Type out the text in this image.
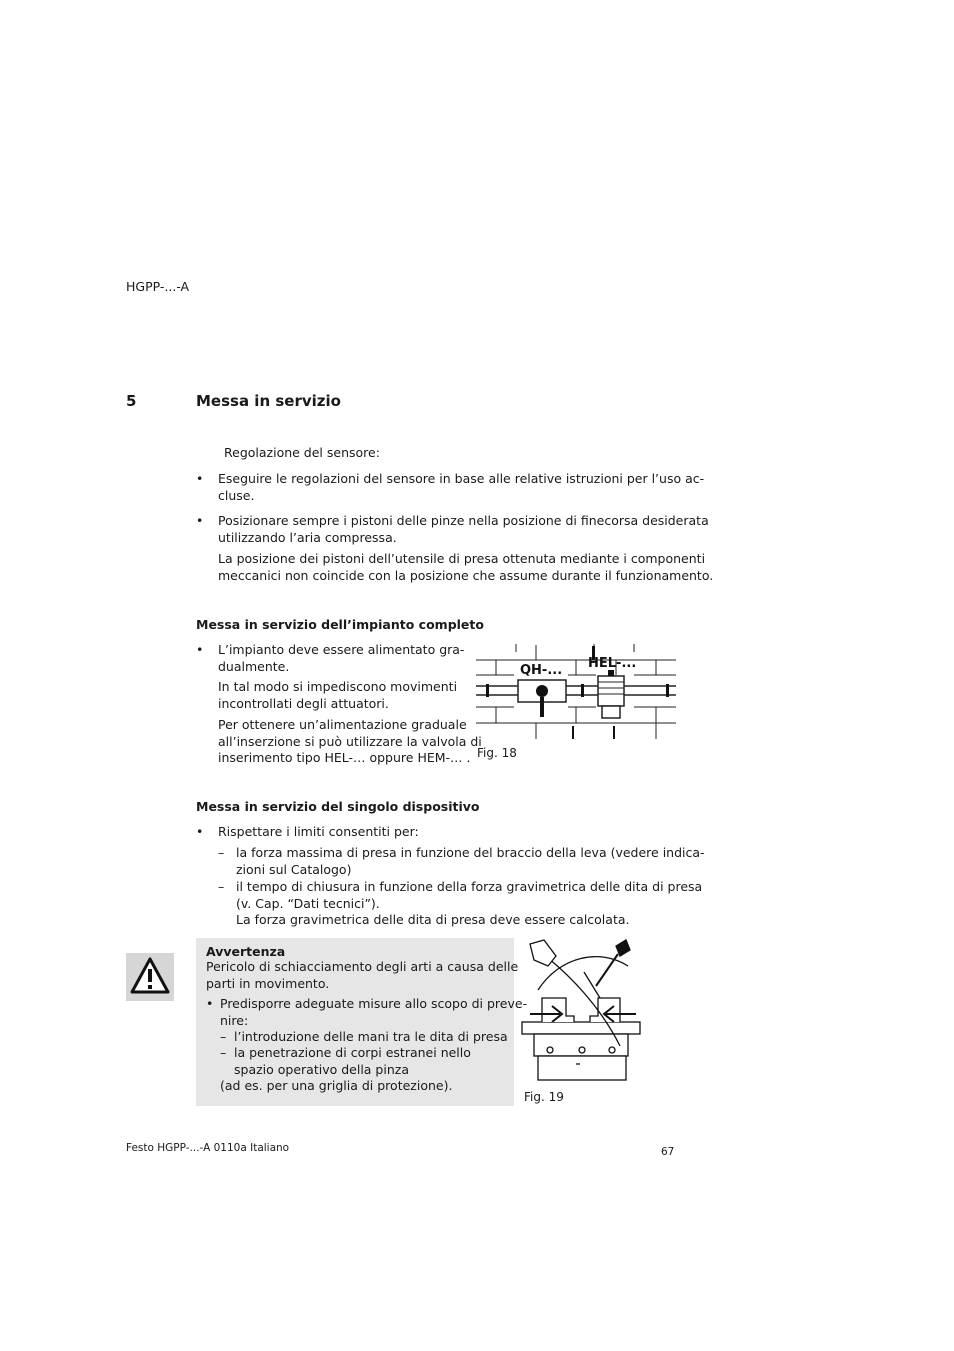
HGPP-...-A
5	Messa in servizio
Regolazione del sensore:
• Eseguire le regolazioni del sensore in base alle relative istruzioni per l’uso ac-
cluse.
• Posizionare sempre i pistoni delle pinze nella posizione di finecorsa desiderata
utilizzando l’aria compressa.
La posizione dei pistoni dell’utensile di presa ottenuta mediante i componenti
meccanici non coincide con la posizione che assume durante il funzionamento.
Messa in servizio dell’impianto completo
• L’impianto deve essere alimentato gra-
dualmente.
In tal modo si impediscono movimenti
incontrollati degli attuatori.
Per ottenere un’alimentazione graduale
all’inserzione si può utilizzare la valvola di
inserimento tipo HEL-… oppure HEM-… .
QH-... HEL-...
Fig. 18
Messa in servizio del singolo dispositivo
• Rispettare i limiti consentiti per:
– la forza massima di presa in funzione del braccio della leva (vedere indica-
zioni sul Catalogo)
– il tempo di chiusura in funzione della forza gravimetrica delle dita di presa
(v. Cap. “Dati tecnici”).
La forza gravimetrica delle dita di presa deve essere calcolata.
Avvertenza
Pericolo di schiacciamento degli arti a causa delle
parti in movimento.
• Predisporre adeguate misure allo scopo di preve-
nire:
– l’introduzione delle mani tra le dita di presa
– la penetrazione di corpi estranei nello
spazio operativo della pinza
(ad es. per una griglia di protezione).
Fig. 19
Festo HGPP-...-A 0110a Italiano	67
